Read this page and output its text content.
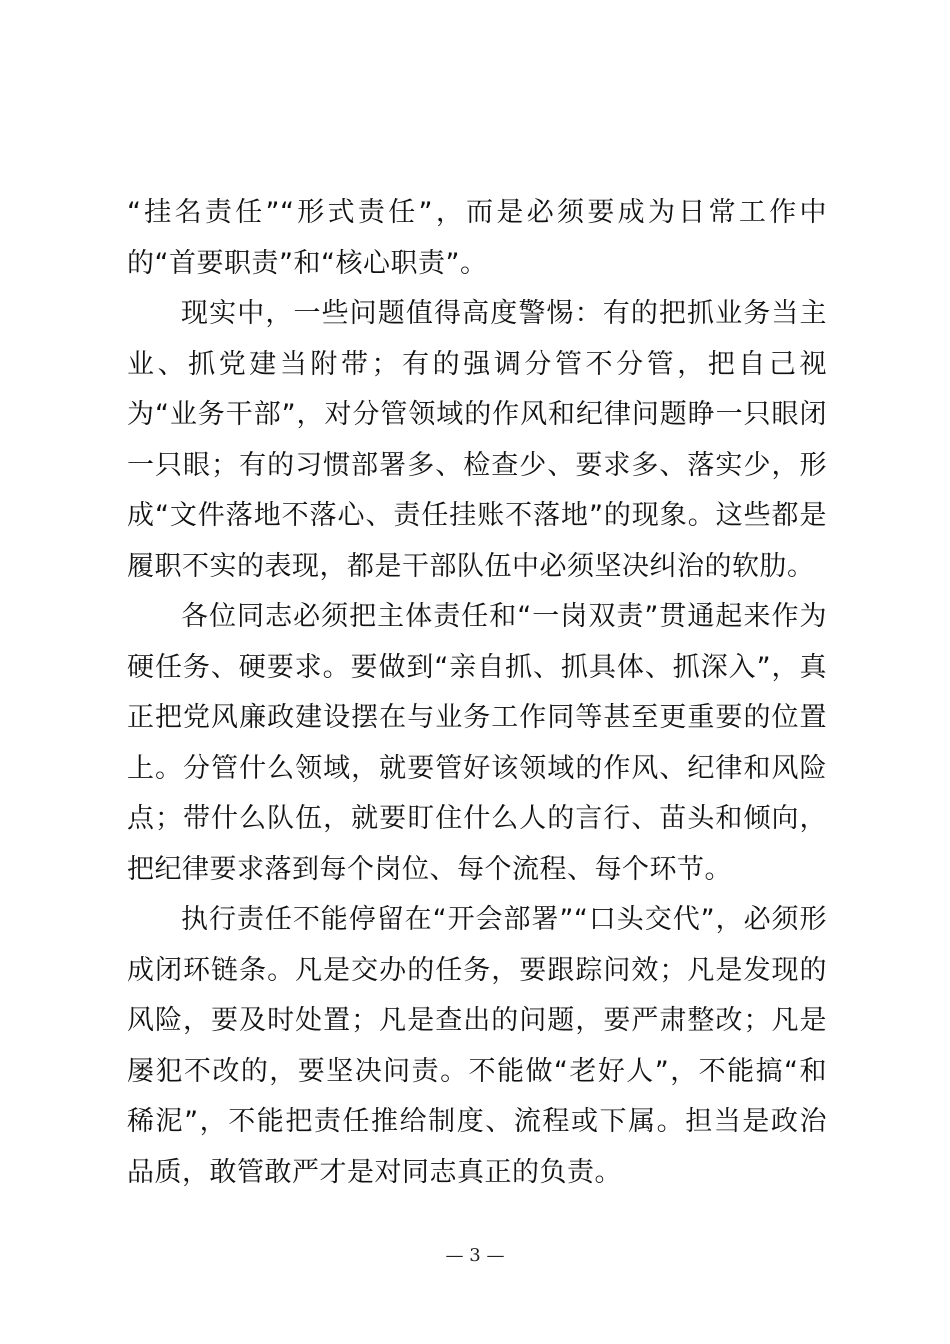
“挂名责任”“形式责任”，而是必须要成为日常工作中的“首要职责”和“核心职责”。

现实中，一些问题值得高度警惕：有的把抓业务当主业、抓党建当附带；有的强调分管不分管，把自己视为“业务干部”，对分管领域的作风和纪律问题睁一只眼闭一只眼；有的习惯部署多、检查少、要求多、落实少，形成“文件落地不落心、责任挂账不落地”的现象。这些都是履职不实的表现，都是干部队伍中必须坚决纠治的软肋。

各位同志必须把主体责任和“一岗双责”贯通起来作为硬任务、硬要求。要做到“亲自抓、抓具体、抓深入”，真正把党风廉政建设摆在与业务工作同等甚至更重要的位置上。分管什么领域，就要管好该领域的作风、纪律和风险点；带什么队伍，就要盯住什么人的言行、苗头和倾向，把纪律要求落到每个岗位、每个流程、每个环节。

执行责任不能停留在“开会部署”“口头交代”，必须形成闭环链条。凡是交办的任务，要跟踪问效；凡是发现的风险，要及时处置；凡是查出的问题，要严肃整改；凡是屡犯不改的，要坚决问责。不能做“老好人”，不能搞“和稀泥”，不能把责任推给制度、流程或下属。担当是政治品质，敢管敢严才是对同志真正的负责。

— 3 —
